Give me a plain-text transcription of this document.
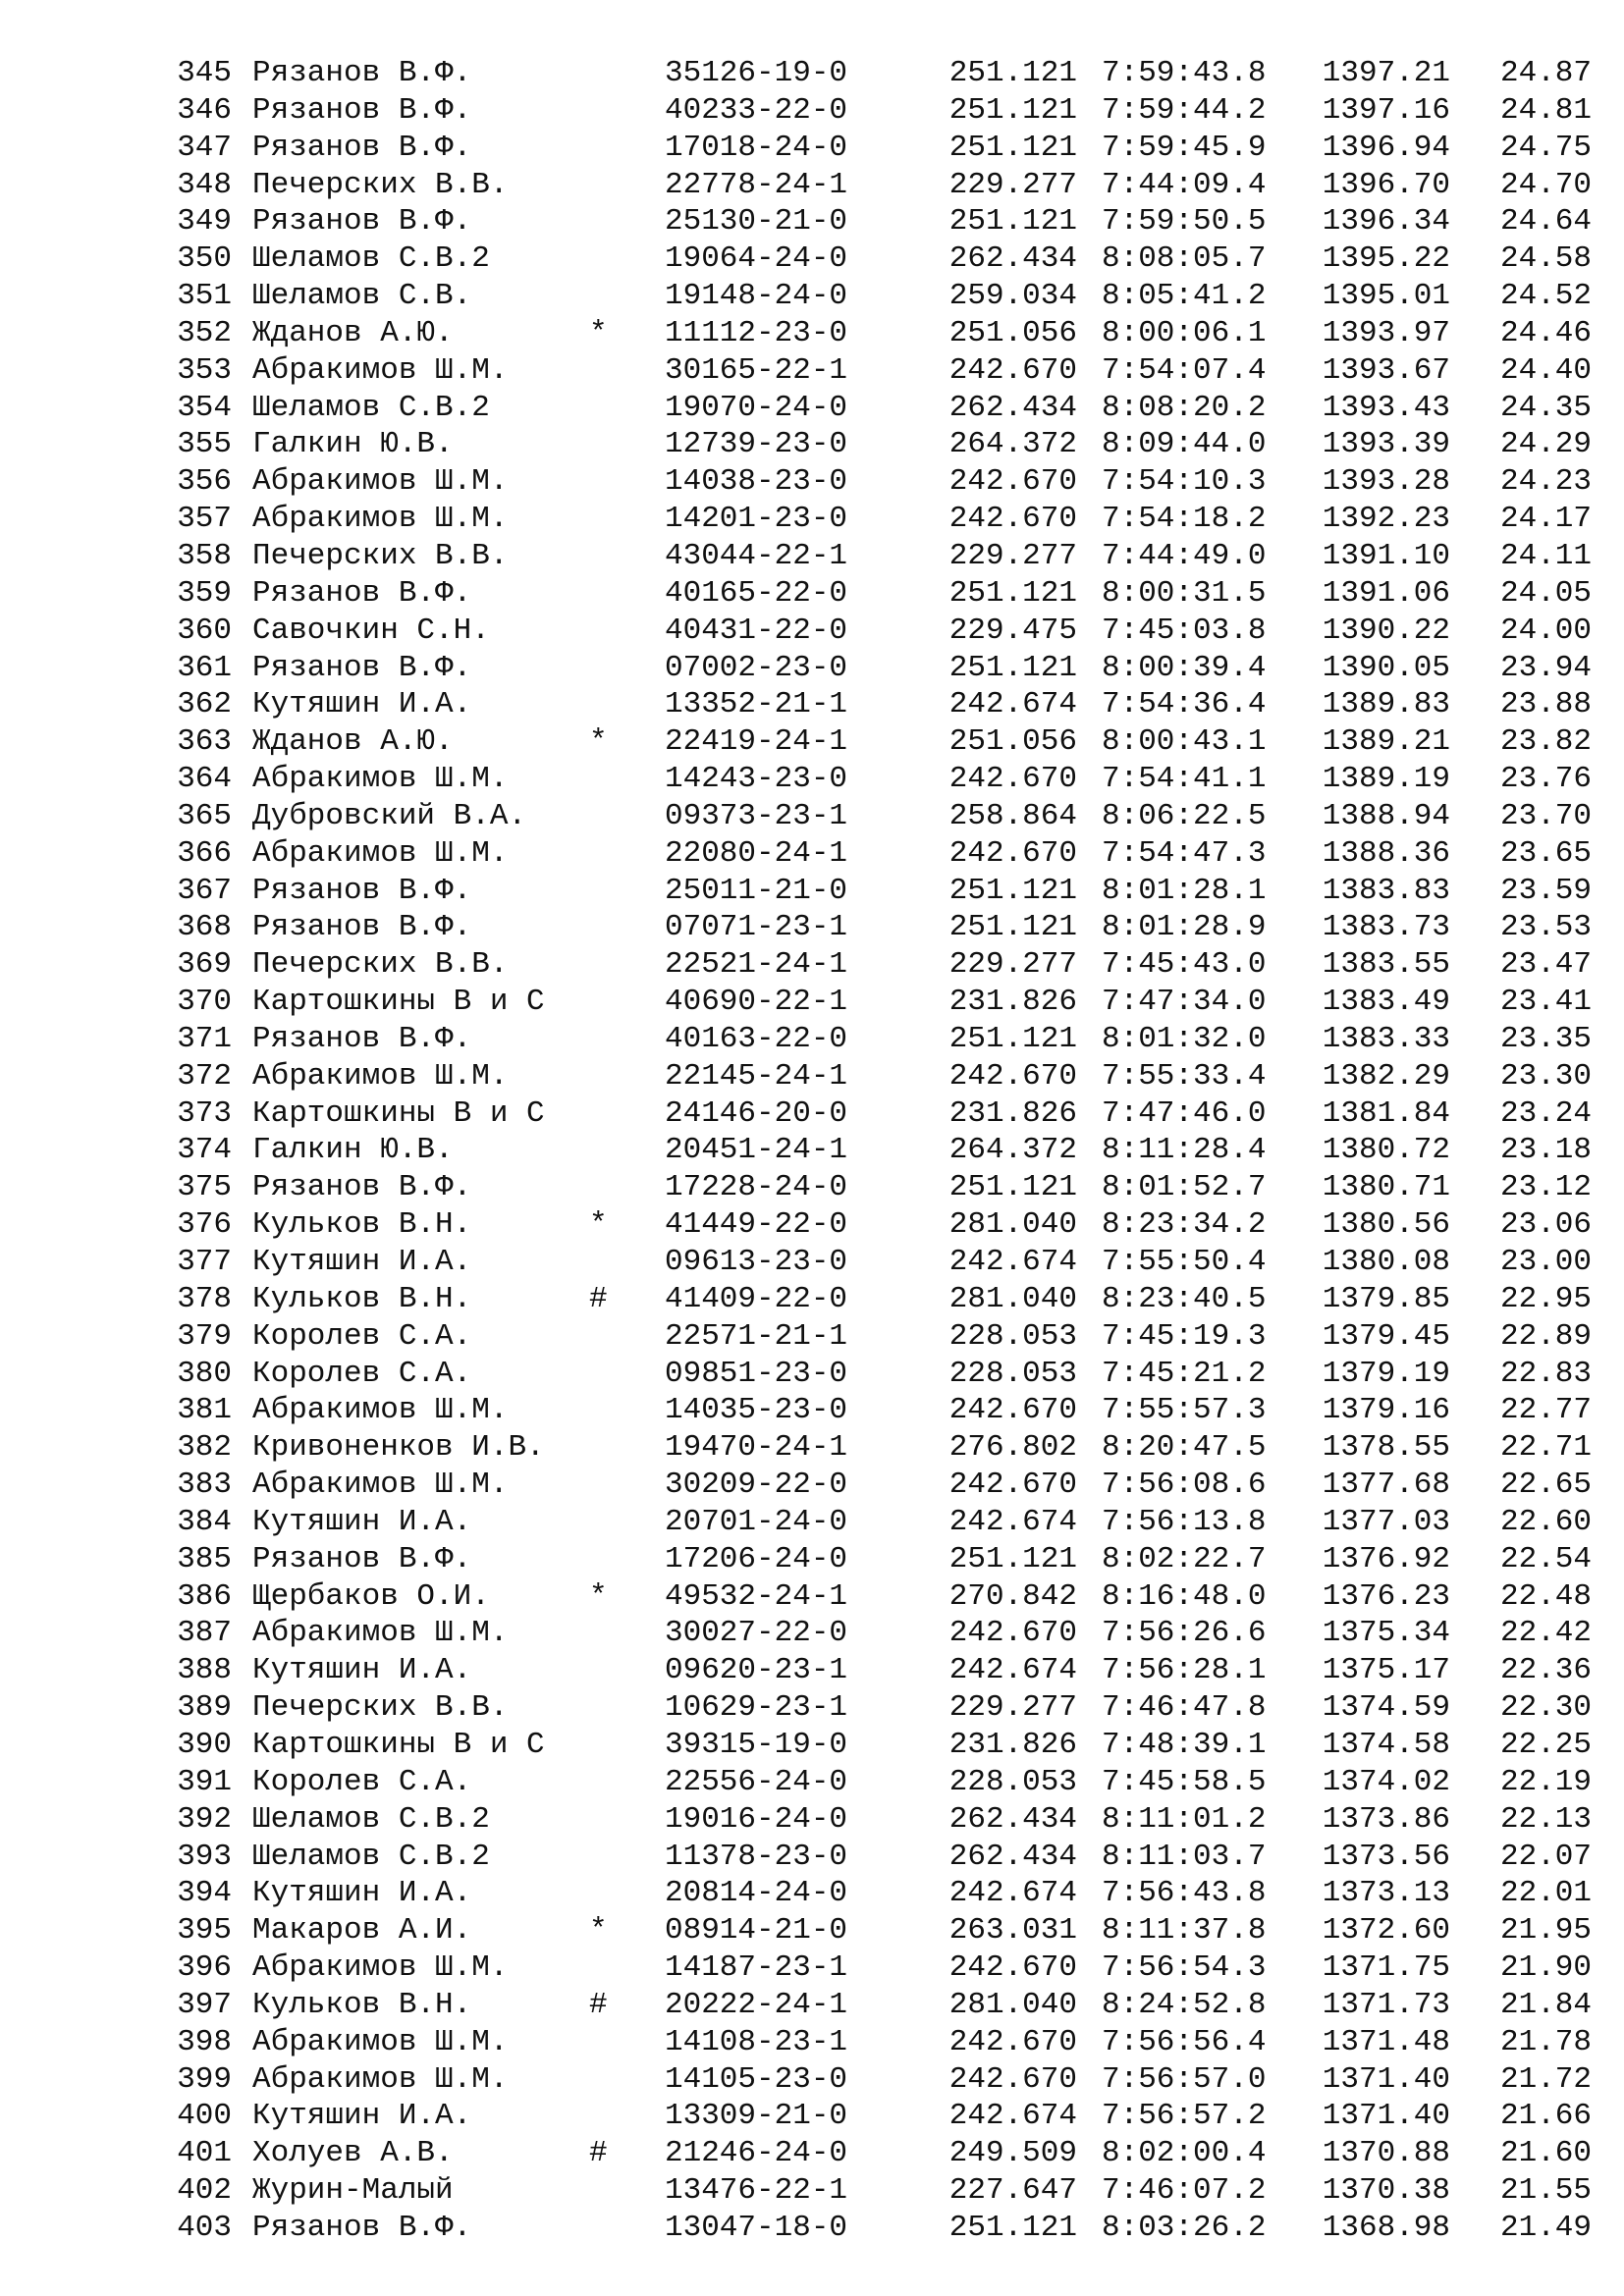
345 Рязанов В.Ф.	35126-19-0	251.121 7:59:43.8	1397.21	24.87
346 Рязанов В.Ф.	40233-22-0	251.121 7:59:44.2	1397.16	24.81
347 Рязанов В.Ф.	17018-24-0	251.121 7:59:45.9	1396.94	24.75
348 Печерских В.В.	22778-24-1	229.277 7:44:09.4	1396.70	24.70
349 Рязанов В.Ф.	25130-21-0	251.121 7:59:50.5	1396.34	24.64
350 Шеламов С.В.2	19064-24-0	262.434 8:08:05.7	1395.22	24.58
351 Шеламов С.В.	19148-24-0	259.034 8:05:41.2	1395.01	24.52
352 Жданов А.Ю.	* 11112-23-0	251.056 8:00:06.1	1393.97	24.46
353 Абракимов Ш.М.	30165-22-1	242.670 7:54:07.4	1393.67	24.40
354 Шеламов С.В.2	19070-24-0	262.434 8:08:20.2	1393.43	24.35
355 Галкин Ю.В.	12739-23-0	264.372 8:09:44.0	1393.39	24.29
356 Абракимов Ш.М.	14038-23-0	242.670 7:54:10.3	1393.28	24.23
357 Абракимов Ш.М.	14201-23-0	242.670 7:54:18.2	1392.23	24.17
358 Печерских В.В.	43044-22-1	229.277 7:44:49.0	1391.10	24.11
359 Рязанов В.Ф.	40165-22-0	251.121 8:00:31.5	1391.06	24.05
360 Савочкин С.Н.	40431-22-0	229.475 7:45:03.8	1390.22	24.00
361 Рязанов В.Ф.	07002-23-0	251.121 8:00:39.4	1390.05	23.94
362 Кутяшин И.А.	13352-21-1	242.674 7:54:36.4	1389.83	23.88
363 Жданов А.Ю.	* 22419-24-1	251.056 8:00:43.1	1389.21	23.82
364 Абракимов Ш.М.	14243-23-0	242.670 7:54:41.1	1389.19	23.76
365 Дубровский В.А.	09373-23-1	258.864 8:06:22.5	1388.94	23.70
366 Абракимов Ш.М.	22080-24-1	242.670 7:54:47.3	1388.36	23.65
367 Рязанов В.Ф.	25011-21-0	251.121 8:01:28.1	1383.83	23.59
368 Рязанов В.Ф.	07071-23-1	251.121 8:01:28.9	1383.73	23.53
369 Печерских В.В.	22521-24-1	229.277 7:45:43.0	1383.55	23.47
370 Картошкины В и С	40690-22-1	231.826 7:47:34.0	1383.49	23.41
371 Рязанов В.Ф.	40163-22-0	251.121 8:01:32.0	1383.33	23.35
372 Абракимов Ш.М.	22145-24-1	242.670 7:55:33.4	1382.29	23.30
373 Картошкины В и С	24146-20-0	231.826 7:47:46.0	1381.84	23.24
374 Галкин Ю.В.	20451-24-1	264.372 8:11:28.4	1380.72	23.18
375 Рязанов В.Ф.	17228-24-0	251.121 8:01:52.7	1380.71	23.12
376 Кульков В.Н.	* 41449-22-0	281.040 8:23:34.2	1380.56	23.06
377 Кутяшин И.А.	09613-23-0	242.674 7:55:50.4	1380.08	23.00
378 Кульков В.Н.	# 41409-22-0	281.040 8:23:40.5	1379.85	22.95
379 Королев С.А.	22571-21-1	228.053 7:45:19.3	1379.45	22.89
380 Королев С.А.	09851-23-0	228.053 7:45:21.2	1379.19	22.83
381 Абракимов Ш.М.	14035-23-0	242.670 7:55:57.3	1379.16	22.77
382 Кривоненков И.В.	19470-24-1	276.802 8:20:47.5	1378.55	22.71
383 Абракимов Ш.М.	30209-22-0	242.670 7:56:08.6	1377.68	22.65
384 Кутяшин И.А.	20701-24-0	242.674 7:56:13.8	1377.03	22.60
385 Рязанов В.Ф.	17206-24-0	251.121 8:02:22.7	1376.92	22.54
386 Щербаков О.И.	* 49532-24-1	270.842 8:16:48.0	1376.23	22.48
387 Абракимов Ш.М.	30027-22-0	242.670 7:56:26.6	1375.34	22.42
388 Кутяшин И.А.	09620-23-1	242.674 7:56:28.1	1375.17	22.36
389 Печерских В.В.	10629-23-1	229.277 7:46:47.8	1374.59	22.30
390 Картошкины В и С	39315-19-0	231.826 7:48:39.1	1374.58	22.25
391 Королев С.А.	22556-24-0	228.053 7:45:58.5	1374.02	22.19
392 Шеламов С.В.2	19016-24-0	262.434 8:11:01.2	1373.86	22.13
393 Шеламов С.В.2	11378-23-0	262.434 8:11:03.7	1373.56	22.07
394 Кутяшин И.А.	20814-24-0	242.674 7:56:43.8	1373.13	22.01
395 Макаров А.И.	* 08914-21-0	263.031 8:11:37.8	1372.60	21.95
396 Абракимов Ш.М.	14187-23-1	242.670 7:56:54.3	1371.75	21.90
397 Кульков В.Н.	# 20222-24-1	281.040 8:24:52.8	1371.73	21.84
398 Абракимов Ш.М.	14108-23-1	242.670 7:56:56.4	1371.48	21.78
399 Абракимов Ш.М.	14105-23-0	242.670 7:56:57.0	1371.40	21.72
400 Кутяшин И.А.	13309-21-0	242.674 7:56:57.2	1371.40	21.66
401 Холуев А.В.	# 21246-24-0	249.509 8:02:00.4	1370.88	21.60
402 Журин-Малый	13476-22-1	227.647 7:46:07.2	1370.38	21.55
403 Рязанов В.Ф.	13047-18-0	251.121 8:03:26.2	1368.98	21.49
